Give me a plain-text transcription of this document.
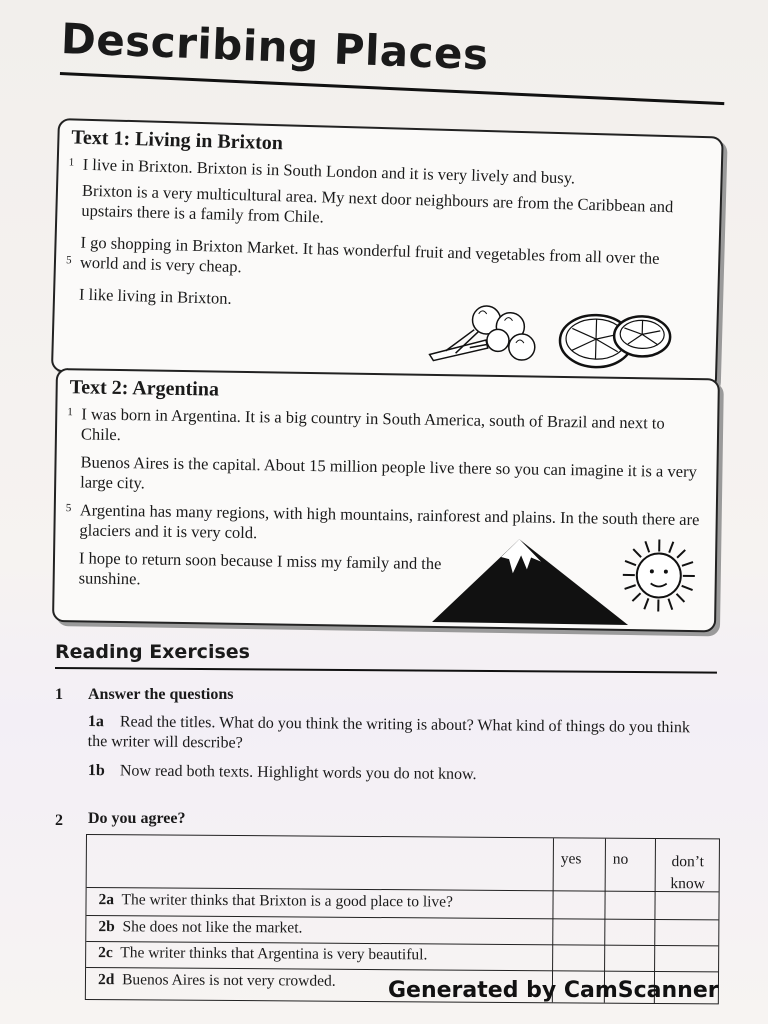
Describing Places
Text 1: Living in Brixton
1 I live in Brixton. Brixton is in South London and it is very lively and busy.
Brixton is a very multicultural area. My next door neighbours are from the Caribbean and upstairs there is a family from Chile.
5 I go shopping in Brixton Market. It has wonderful fruit and vegetables from all over the world and is very cheap.
I like living in Brixton.
Text 2: Argentina
1 I was born in Argentina. It is a big country in South America, south of Brazil and next to Chile.
Buenos Aires is the capital. About 15 million people live there so you can imagine it is a very large city.
5 Argentina has many regions, with high mountains, rainforest and plains. In the south there are glaciers and it is very cold.
I hope to return soon because I miss my family and the sunshine.
Reading Exercises
1 Answer the questions
1a Read the titles. What do you think the writing is about? What kind of things do you think the writer will describe?
1b Now read both texts. Highlight words you do not know.
2 Do you agree?
yes no	don’t know
2a The writer thinks that Brixton is a good place to live?
2b She does not like the market.
2c The writer thinks that Argentina is very beautiful.
2d Buenos Aires is not very crowded. Generated by CamScanner
